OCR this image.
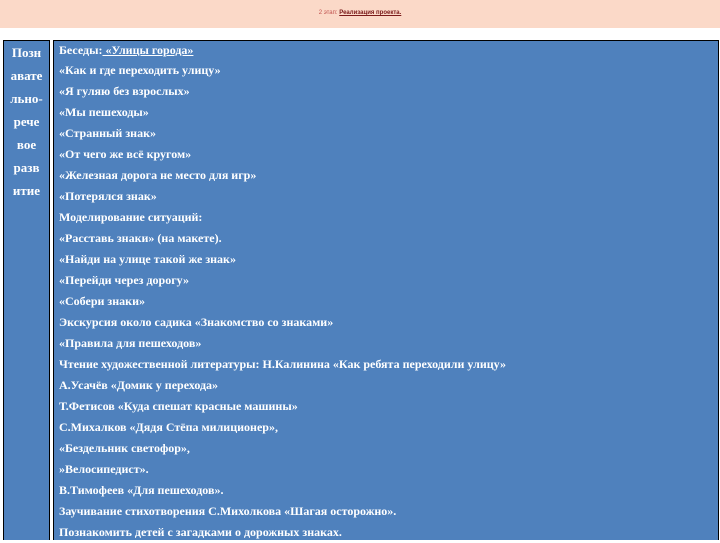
2 этап: Реализация проекта.
Позн
авате
льно-
рече
вое
разв
итие
Беседы: «Улицы города»
«Как и где переходить улицу»
«Я гуляю без взрослых»
«Мы пешеходы»
«Странный знак»
«От чего же всё кругом»
«Железная дорога не место для игр»
«Потерялся знак»
Моделирование ситуаций:
«Расставь знаки» (на макете).
«Найди на улице такой же знак»
«Перейди через дорогу»
«Собери знаки»
Экскурсия около садика «Знакомство со знаками»
«Правила для пешеходов»
Чтение художественной литературы: Н.Калинина «Как ребята переходили улицу»
А.Усачёв «Домик у перехода»
Т.Фетисов «Куда спешат красные машины»
С.Михалков «Дядя Стёпа милиционер»,
«Бездельник светофор»,
»Велосипедист».
В.Тимофеев «Для пешеходов».
Заучивание стихотворения С.Михолкова «Шагая осторожно».
Познакомить детей с загадками о дорожных знаках.
